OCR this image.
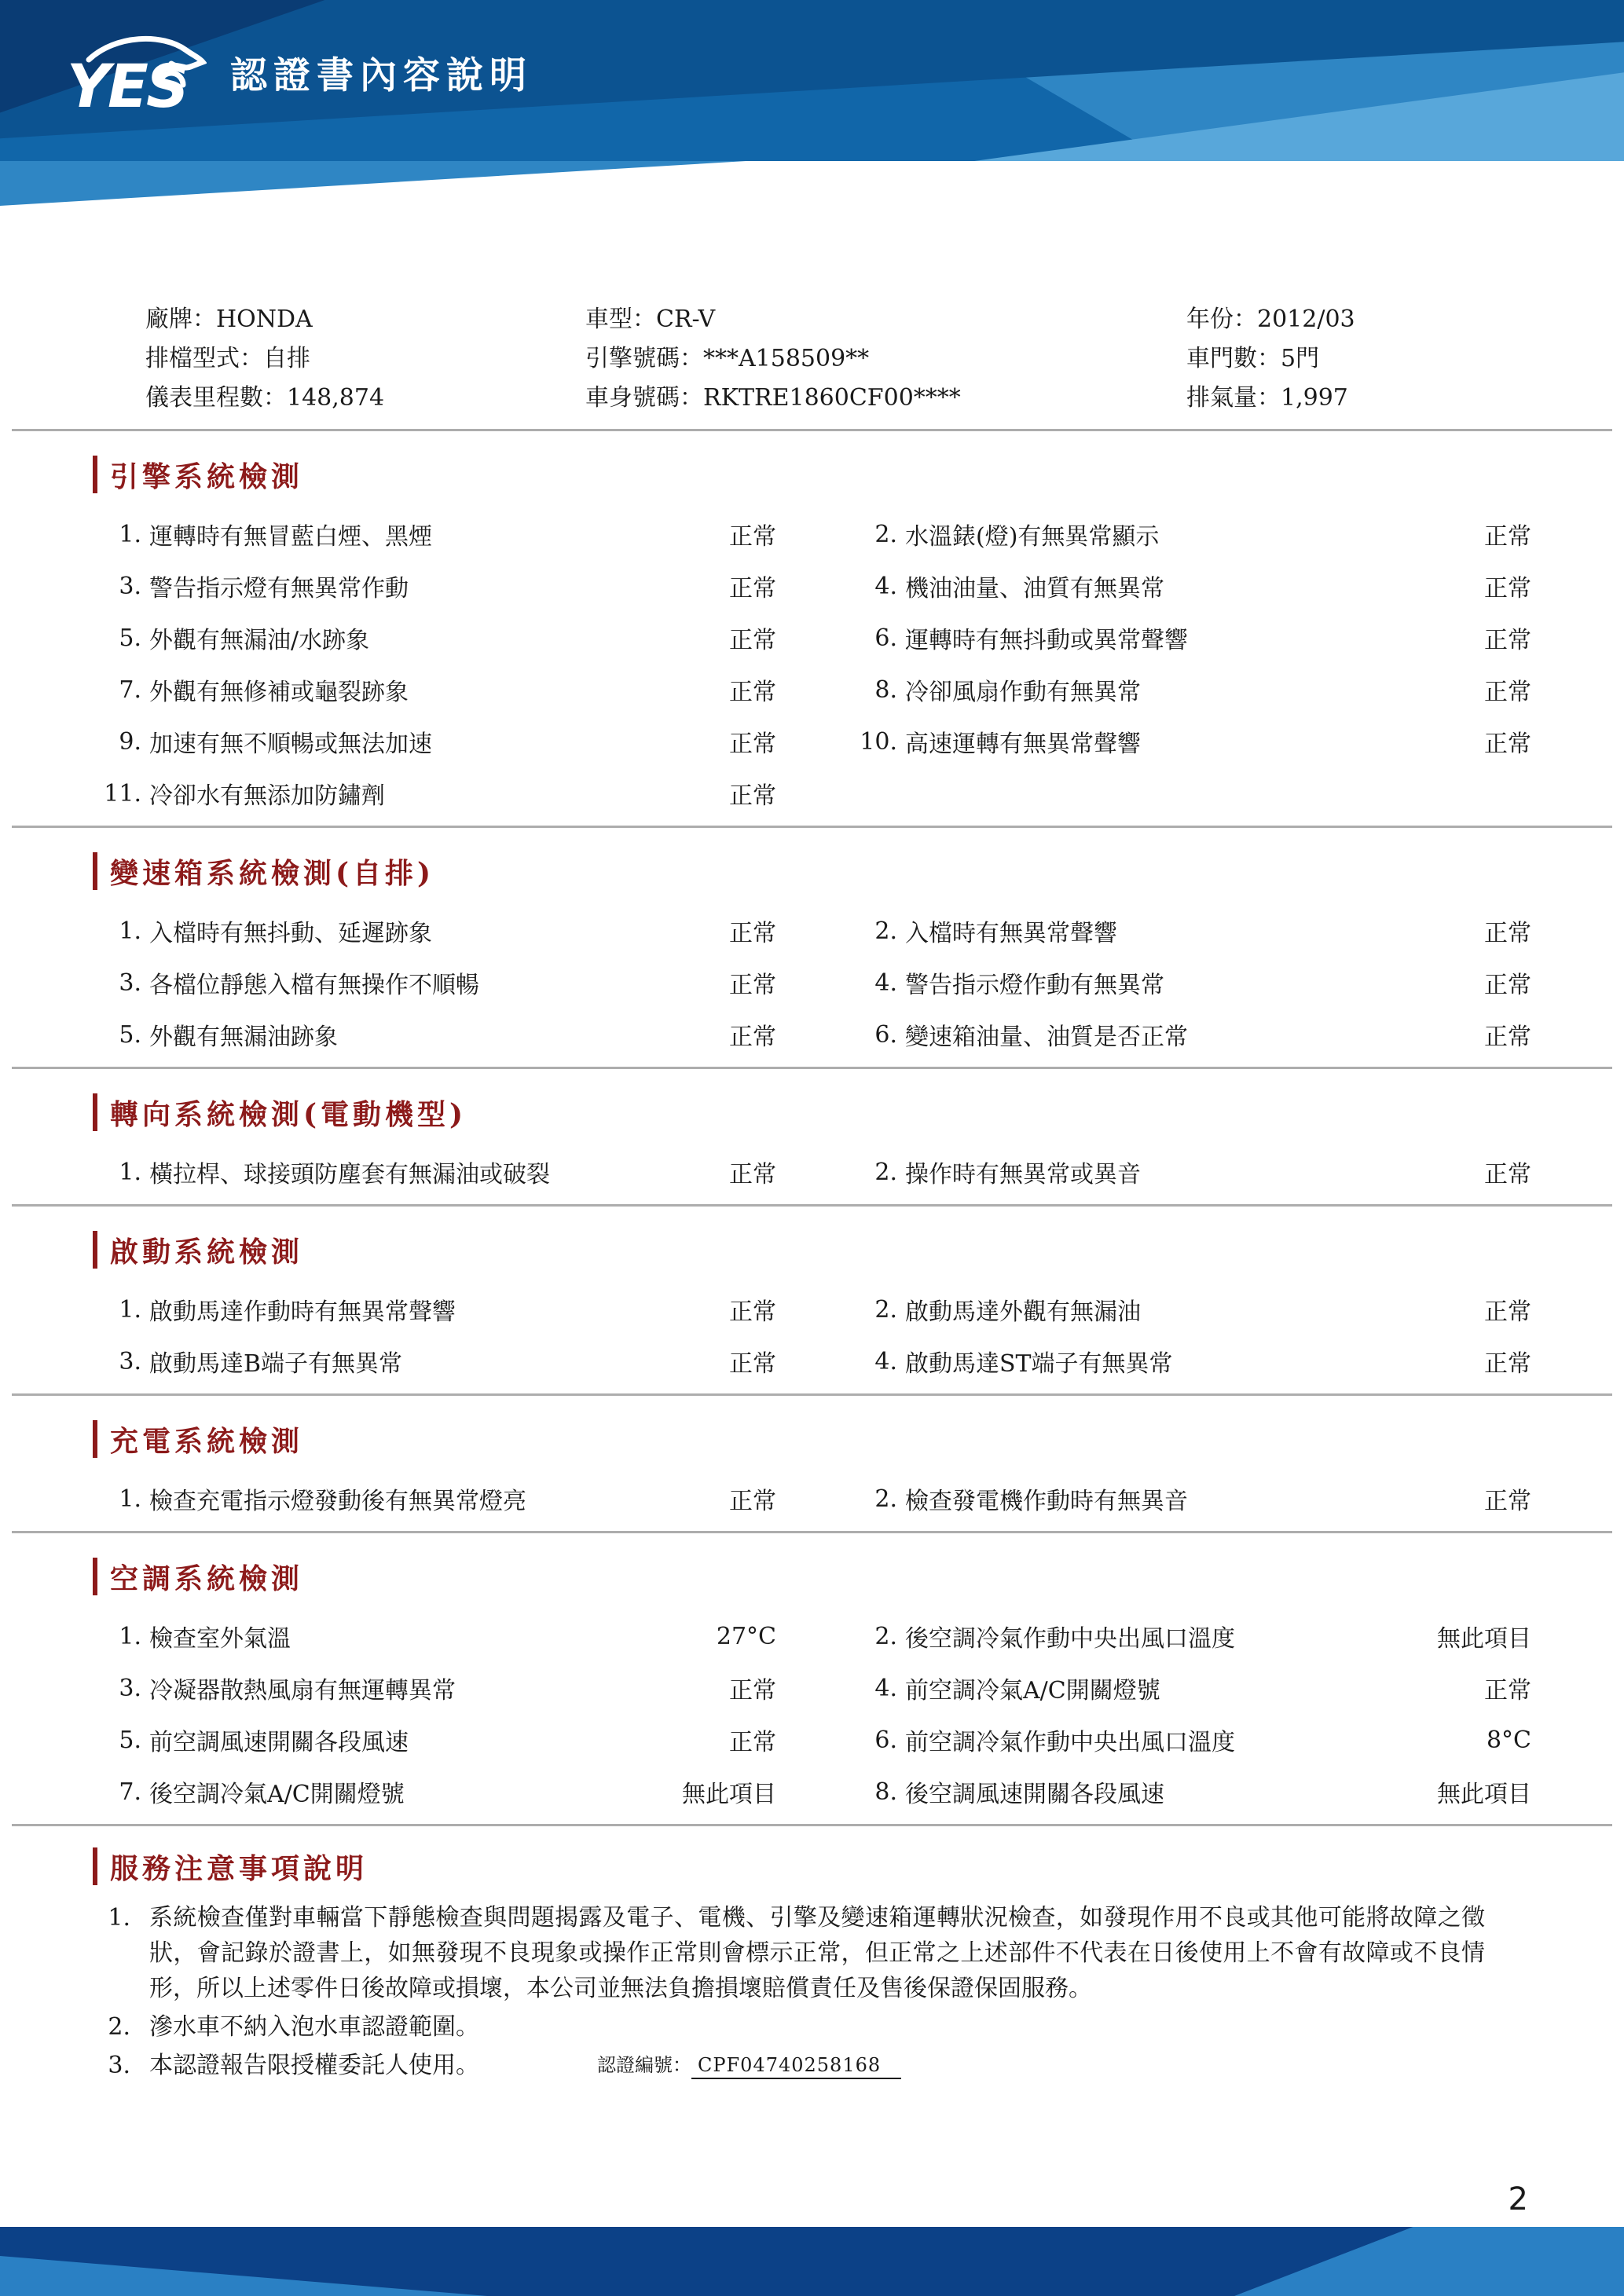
YES 認證書內容說明
廠牌：HONDA	車型：CR-V	年份：2012/03
排檔型式：自排	引擎號碼：***A158509**	車門數：5門
儀表里程數：148,874	車身號碼：RKTRE1860CF00****	排氣量：1,997
引擎系統檢測
1. 運轉時有無冒藍白煙、黑煙	正常	2. 水溫錶(燈)有無異常顯示	正常
3. 警告指示燈有無異常作動	正常	4. 機油油量、油質有無異常	正常
5. 外觀有無漏油/水跡象	正常	6. 運轉時有無抖動或異常聲響	正常
7. 外觀有無修補或龜裂跡象	正常	8. 冷卻風扇作動有無異常	正常
9. 加速有無不順暢或無法加速	正常	10. 高速運轉有無異常聲響	正常
11. 冷卻水有無添加防鏽劑	正常
變速箱系統檢測(自排)
1. 入檔時有無抖動、延遲跡象	正常	2. 入檔時有無異常聲響	正常
3. 各檔位靜態入檔有無操作不順暢	正常	4. 警告指示燈作動有無異常	正常
5. 外觀有無漏油跡象	正常	6. 變速箱油量、油質是否正常	正常
轉向系統檢測(電動機型)
1. 橫拉桿、球接頭防塵套有無漏油或破裂	正常	2. 操作時有無異常或異音	正常
啟動系統檢測
1. 啟動馬達作動時有無異常聲響	正常	2. 啟動馬達外觀有無漏油	正常
3. 啟動馬達B端子有無異常	正常	4. 啟動馬達ST端子有無異常	正常
充電系統檢測
1. 檢查充電指示燈發動後有無異常燈亮	正常	2. 檢查發電機作動時有無異音	正常
空調系統檢測
1. 檢查室外氣溫	27°C	2. 後空調冷氣作動中央出風口溫度	無此項目
3. 冷凝器散熱風扇有無運轉異常	正常	4. 前空調冷氣A/C開關燈號	正常
5. 前空調風速開關各段風速	正常	6. 前空調冷氣作動中央出風口溫度	8°C
7. 後空調冷氣A/C開關燈號	無此項目	8. 後空調風速開關各段風速	無此項目
服務注意事項說明
1. 系統檢查僅對車輛當下靜態檢查與問題揭露及電子、電機、引擎及變速箱運轉狀況檢查，如發現作用不良或其他可能將故障之徵狀，會記錄於證書上，如無發現不良現象或操作正常則會標示正常，但正常之上述部件不代表在日後使用上不會有故障或不良情形，所以上述零件日後故障或損壞，本公司並無法負擔損壞賠償責任及售後保證保固服務。
2. 滲水車不納入泡水車認證範圍。
3. 本認證報告限授權委託人使用。	認證編號： CPF04740258168
2
